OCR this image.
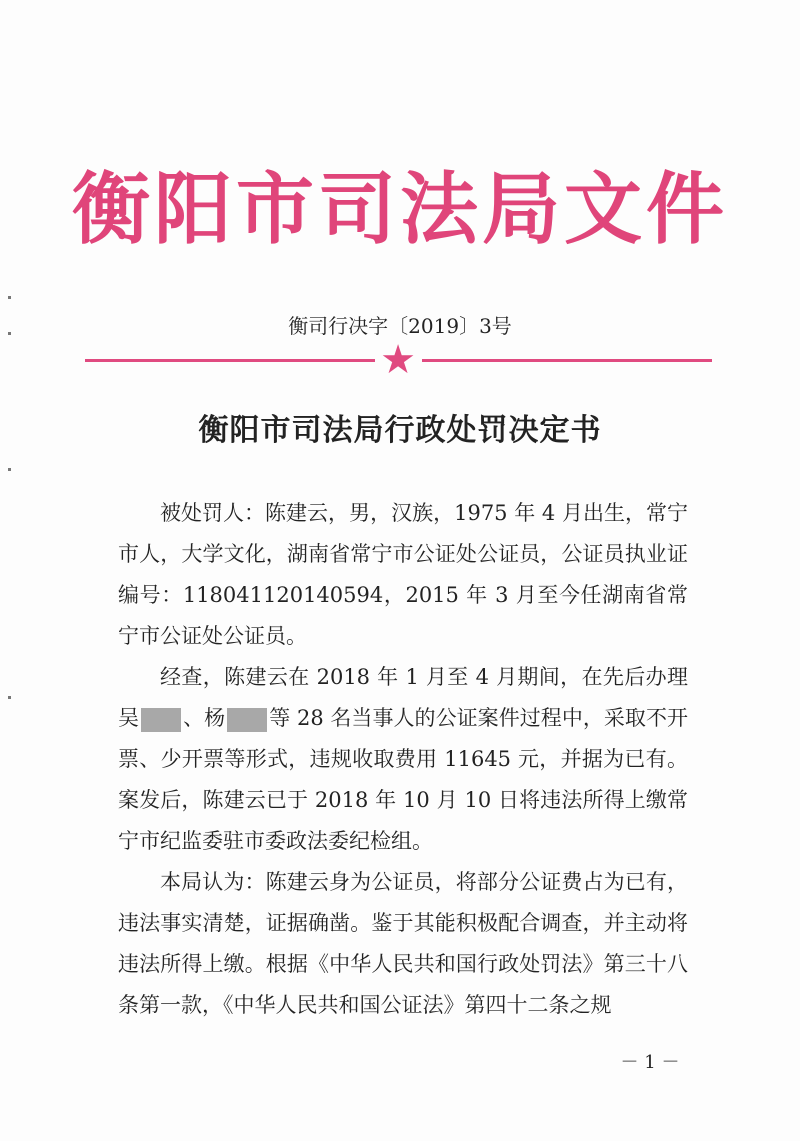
衡阳市司法局文件
衡司行决字〔2019〕3号
★
衡阳市司法局行政处罚决定书

被处罚人：陈建云，男，汉族，1975 年 4 月出生，常宁市人，大学文化，湖南省常宁市公证处公证员，公证员执业证编号：118041120140594，2015 年 3 月至今任湖南省常宁市公证处公证员。

经查，陈建云在 2018 年 1 月至 4 月期间，在先后办理吴 、杨 等 28 名当事人的公证案件过程中，采取不开票、少开票等形式，违规收取费用 11645 元，并据为已有。案发后，陈建云已于 2018 年 10 月 10 日将违法所得上缴常宁市纪监委驻市委政法委纪检组。

本局认为：陈建云身为公证员，将部分公证费占为已有，违法事实清楚，证据确凿。鉴于其能积极配合调查，并主动将违法所得上缴。根据《中华人民共和国行政处罚法》第三十八条第一款，《中华人民共和国公证法》第四十二条之规

－ 1 －
